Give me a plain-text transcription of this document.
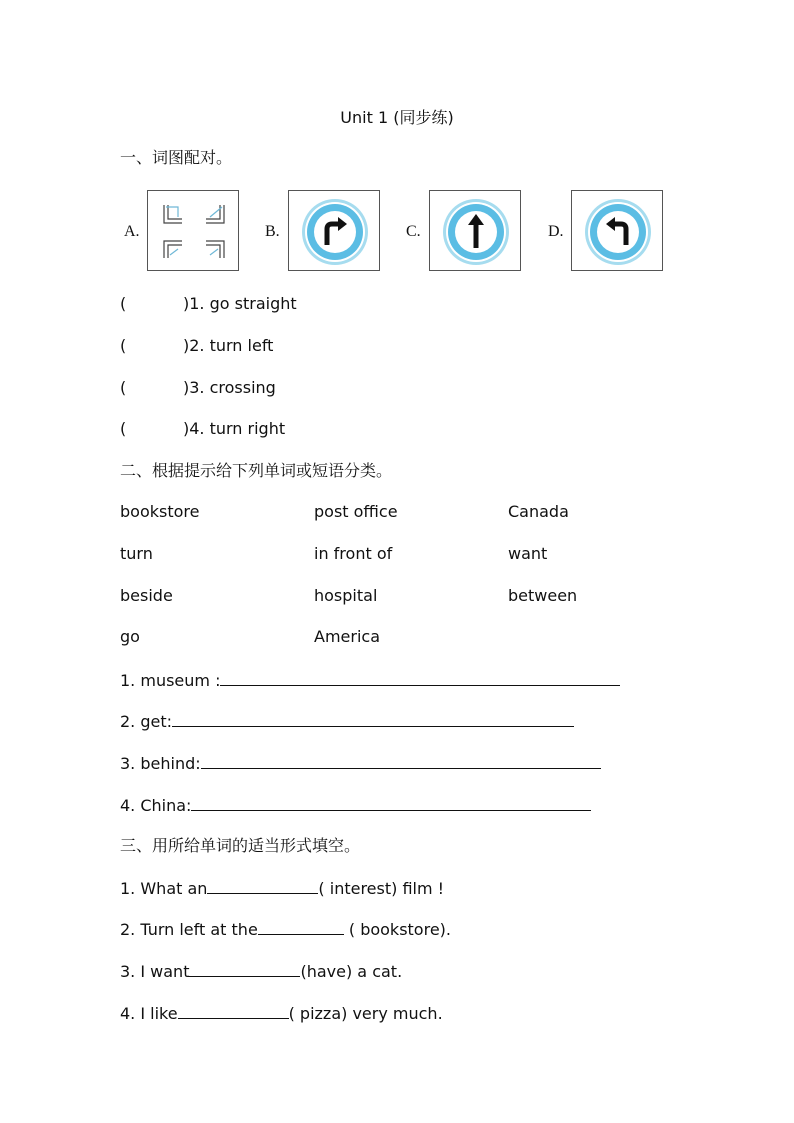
Unit 1 (同步练)
一、词图配对。
A.	B.	C.	D.
(	)1. go straight
(	)2. turn left
(	)3. crossing
(	)4. turn right
二、根据提示给下列单词或短语分类。
bookstore	post office	Canada
turn	in front of	want
beside	hospital	between
go	America
1. museum :
2. get:
3. behind:
4. China:
三、用所给单词的适当形式填空。
1. What an	( interest) film !
2. Turn left at the	( bookstore).
3. I want	(have) a cat.
4. I like	( pizza) very much.
